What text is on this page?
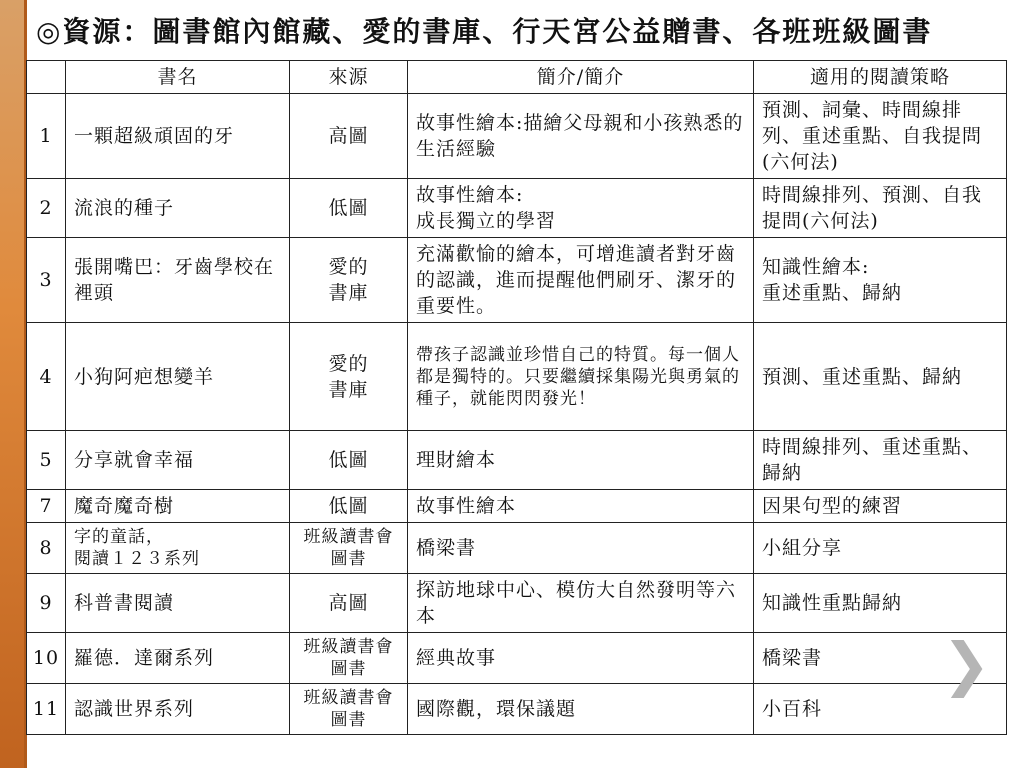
◎資源：圖書館內館藏、愛的書庫、行天宮公益贈書、各班班級圖書
	書名	來源	簡介/簡介	適用的閱讀策略
1	一顆超級頑固的牙	高圖	故事性繪本:描繪父母親和小孩熟悉的生活經驗	預測、詞彙、時間線排列、重述重點、自我提問(六何法)
2	流浪的種子	低圖	故事性繪本:
成長獨立的學習	時間線排列、預測、自我提問(六何法)
3	張開嘴巴：牙齒學校在裡頭	愛的
書庫	充滿歡愉的繪本，可增進讀者對牙齒的認識，進而提醒他們刷牙、潔牙的重要性。	知識性繪本:
重述重點、歸納
4	小狗阿疤想變羊	愛的
書庫	帶孩子認識並珍惜自己的特質。每一個人都是獨特的。只要繼續採集陽光與勇氣的種子，就能閃閃發光！	預測、重述重點、歸納
5	分享就會幸福	低圖	理財繪本	時間線排列、重述重點、歸納
7	魔奇魔奇樹	低圖	故事性繪本	因果句型的練習
8	字的童話，
閱讀１２３系列	班級讀書會圖書	橋梁書	小組分享
9	科普書閱讀	高圖	探訪地球中心、模仿大自然發明等六本	知識性重點歸納
10	羅德．達爾系列	班級讀書會圖書	經典故事	橋梁書
11	認識世界系列	班級讀書會圖書	國際觀，環保議題	小百科
❯
